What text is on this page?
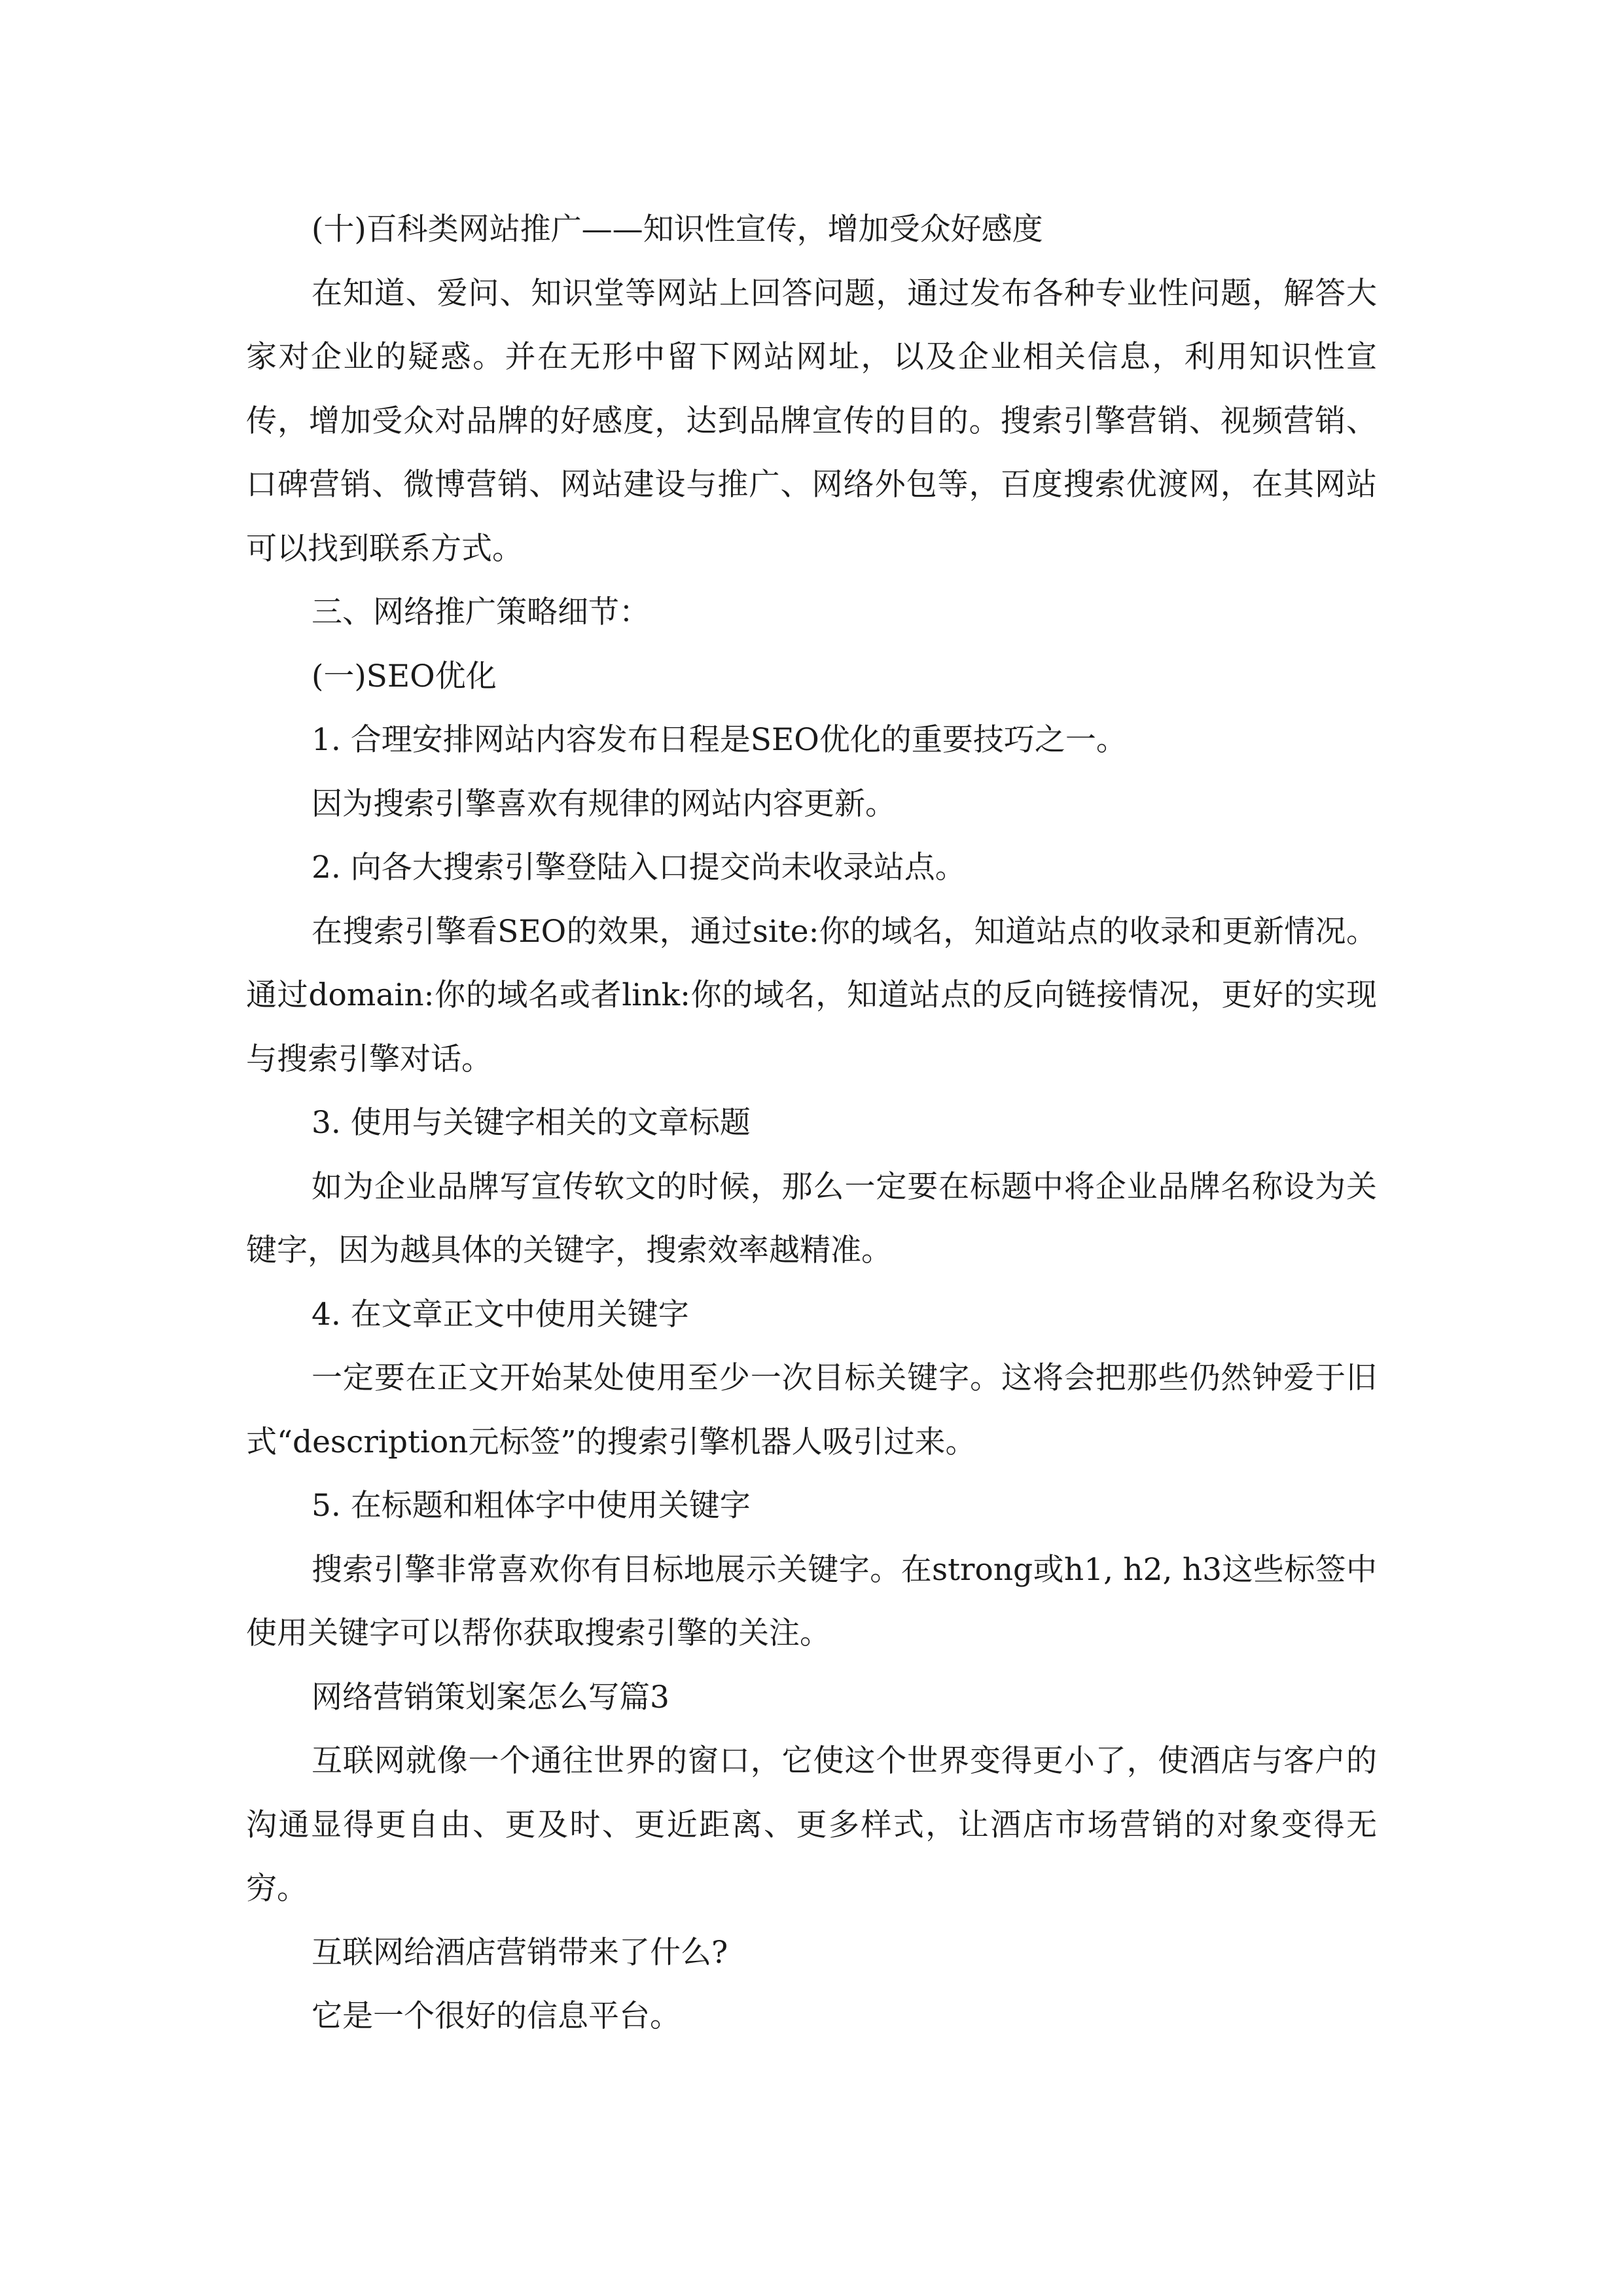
(十)百科类网站推广——知识性宣传，增加受众好感度

在知道、爱问、知识堂等网站上回答问题，通过发布各种专业性问题，解答大家对企业的疑惑。并在无形中留下网站网址，以及企业相关信息，利用知识性宣传，增加受众对品牌的好感度，达到品牌宣传的目的。搜索引擎营销、视频营销、口碑营销、微博营销、网站建设与推广、网络外包等，百度搜索优渡网，在其网站可以找到联系方式。

三、网络推广策略细节：

(一)SEO优化

1. 合理安排网站内容发布日程是SEO优化的重要技巧之一。

因为搜索引擎喜欢有规律的网站内容更新。

2. 向各大搜索引擎登陆入口提交尚未收录站点。

在搜索引擎看SEO的效果，通过site:你的域名，知道站点的收录和更新情况。通过domain:你的域名或者link:你的域名，知道站点的反向链接情况，更好的实现与搜索引擎对话。

3. 使用与关键字相关的文章标题

如为企业品牌写宣传软文的时候，那么一定要在标题中将企业品牌名称设为关键字，因为越具体的关键字，搜索效率越精准。

4. 在文章正文中使用关键字

一定要在正文开始某处使用至少一次目标关键字。这将会把那些仍然钟爱于旧式“description元标签”的搜索引擎机器人吸引过来。

5. 在标题和粗体字中使用关键字

搜索引擎非常喜欢你有目标地展示关键字。在strong或h1, h2, h3这些标签中使用关键字可以帮你获取搜索引擎的关注。

网络营销策划案怎么写篇3

互联网就像一个通往世界的窗口，它使这个世界变得更小了，使酒店与客户的沟通显得更自由、更及时、更近距离、更多样式，让酒店市场营销的对象变得无穷。

互联网给酒店营销带来了什么?

它是一个很好的信息平台。
